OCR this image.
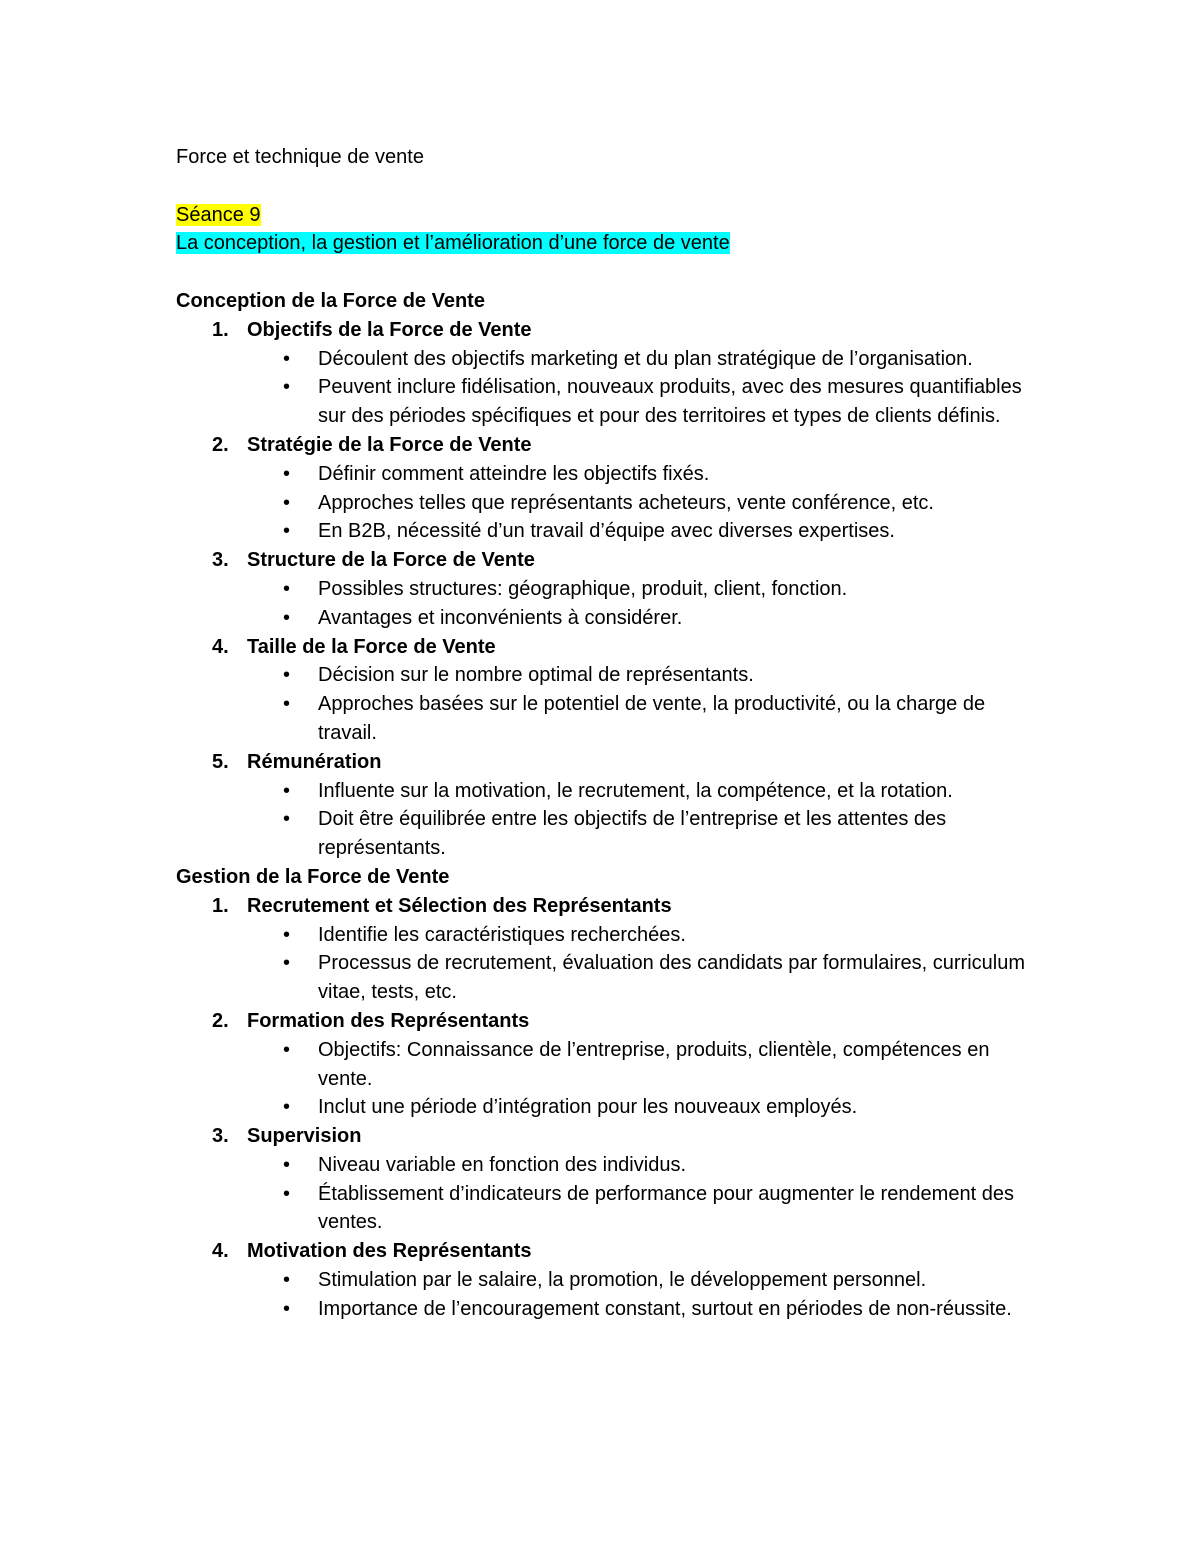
Force et technique de vente

Séance 9

La conception, la gestion et l’amélioration d’une force de vente

Conception de la Force de Vente

1. Objectifs de la Force de Vente
• Découlent des objectifs marketing et du plan stratégique de l’organisation.
• Peuvent inclure fidélisation, nouveaux produits, avec des mesures quantifiables sur des périodes spécifiques et pour des territoires et types de clients définis.
2. Stratégie de la Force de Vente
• Définir comment atteindre les objectifs fixés.
• Approches telles que représentants acheteurs, vente conférence, etc.
• En B2B, nécessité d’un travail d’équipe avec diverses expertises.
3. Structure de la Force de Vente
• Possibles structures: géographique, produit, client, fonction.
• Avantages et inconvénients à considérer.
4. Taille de la Force de Vente
• Décision sur le nombre optimal de représentants.
• Approches basées sur le potentiel de vente, la productivité, ou la charge de travail.
5. Rémunération
• Influente sur la motivation, le recrutement, la compétence, et la rotation.
• Doit être équilibrée entre les objectifs de l’entreprise et les attentes des représentants.

Gestion de la Force de Vente

1. Recrutement et Sélection des Représentants
• Identifie les caractéristiques recherchées.
• Processus de recrutement, évaluation des candidats par formulaires, curriculum vitae, tests, etc.
2. Formation des Représentants
• Objectifs: Connaissance de l’entreprise, produits, clientèle, compétences en vente.
• Inclut une période d’intégration pour les nouveaux employés.
3. Supervision
• Niveau variable en fonction des individus.
• Établissement d’indicateurs de performance pour augmenter le rendement des ventes.
4. Motivation des Représentants
• Stimulation par le salaire, la promotion, le développement personnel.
• Importance de l’encouragement constant, surtout en périodes de non-réussite.
